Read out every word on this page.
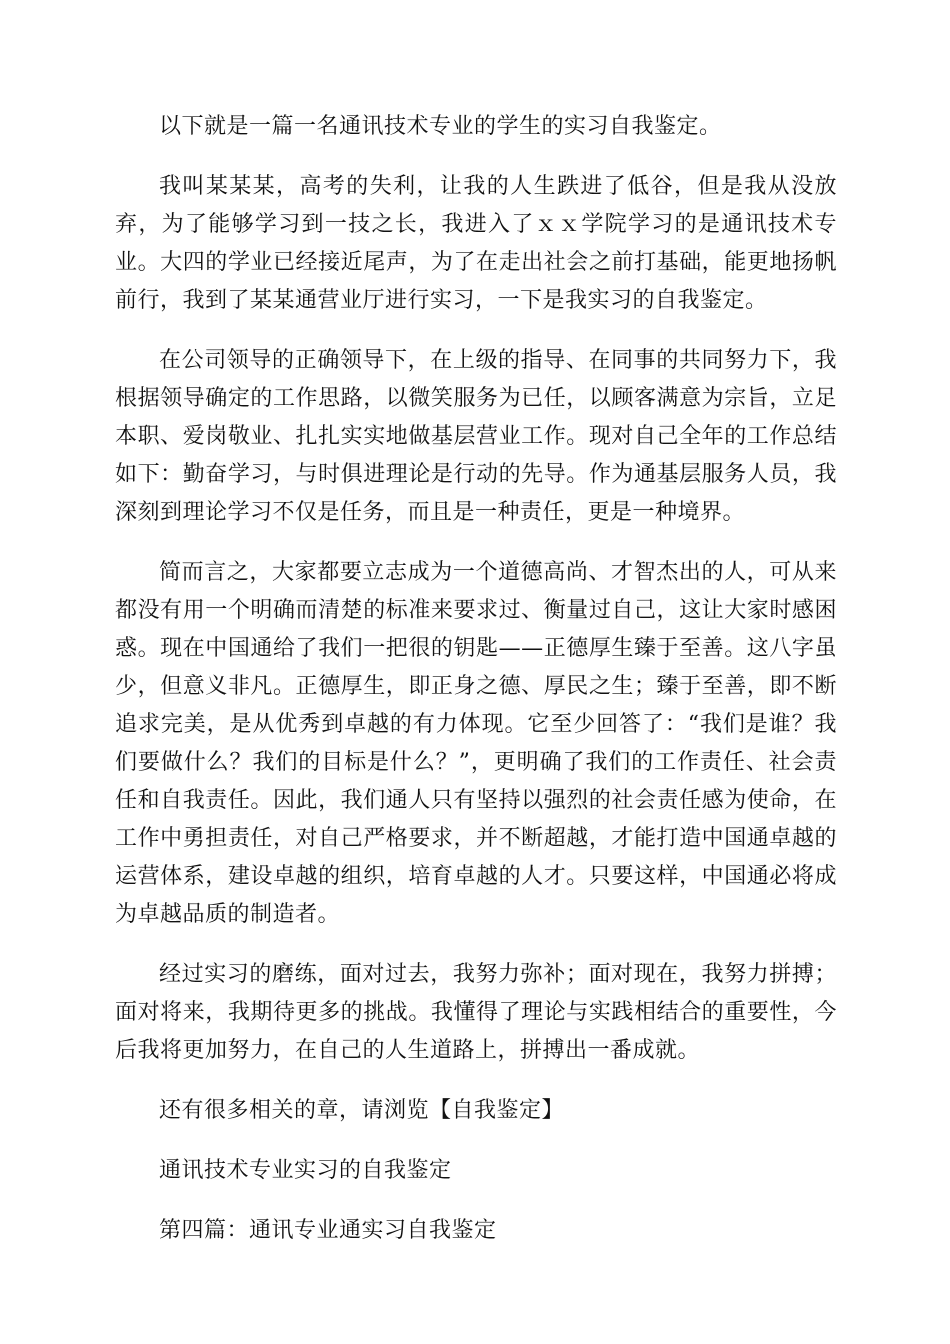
以下就是一篇一名通讯技术专业的学生的实习自我鉴定。

我叫某某某，高考的失利，让我的人生跌进了低谷，但是我从没放弃，为了能够学习到一技之长，我进入了ｘｘ学院学习的是通讯技术专业。大四的学业已经接近尾声，为了在走出社会之前打基础，能更地扬帆前行，我到了某某通营业厅进行实习，一下是我实习的自我鉴定。

在公司领导的正确领导下，在上级的指导、在同事的共同努力下，我根据领导确定的工作思路，以微笑服务为已任，以顾客满意为宗旨，立足本职、爱岗敬业、扎扎实实地做基层营业工作。现对自己全年的工作总结如下：勤奋学习，与时俱进理论是行动的先导。作为通基层服务人员，我深刻到理论学习不仅是任务，而且是一种责任，更是一种境界。

简而言之，大家都要立志成为一个道德高尚、才智杰出的人，可从来都没有用一个明确而清楚的标准来要求过、衡量过自己，这让大家时感困惑。现在中国通给了我们一把很的钥匙——正德厚生臻于至善。这八字虽少，但意义非凡。正德厚生，即正身之德、厚民之生；臻于至善，即不断追求完美，是从优秀到卓越的有力体现。它至少回答了：“我们是谁？我们要做什么？我们的目标是什么？”，更明确了我们的工作责任、社会责任和自我责任。因此，我们通人只有坚持以强烈的社会责任感为使命，在工作中勇担责任，对自己严格要求，并不断超越，才能打造中国通卓越的运营体系，建设卓越的组织，培育卓越的人才。只要这样，中国通必将成为卓越品质的制造者。

经过实习的磨练，面对过去，我努力弥补；面对现在，我努力拼搏；面对将来，我期待更多的挑战。我懂得了理论与实践相结合的重要性，今后我将更加努力，在自己的人生道路上，拼搏出一番成就。

还有很多相关的章，请浏览【自我鉴定】

通讯技术专业实习的自我鉴定

第四篇：通讯专业通实习自我鉴定
